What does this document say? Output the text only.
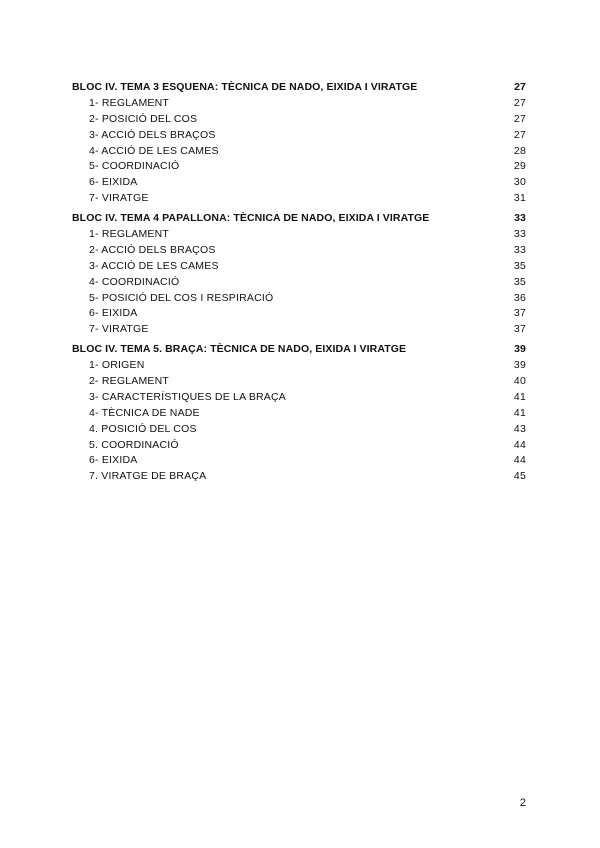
BLOC IV. TEMA 3 ESQUENA: TÈCNICA DE NADO, EIXIDA I VIRATGE	27
1- REGLAMENT	27
2- POSICIÓ DEL COS	27
3- ACCIÓ DELS BRAÇOS	27
4- ACCIÓ DE LES CAMES	28
5- COORDINACIÓ	29
6- EIXIDA	30
7- VIRATGE	31
BLOC IV. TEMA 4 PAPALLONA: TÈCNICA DE NADO, EIXIDA I VIRATGE	33
1- REGLAMENT	33
2- ACCIÓ DELS BRAÇOS	33
3- ACCIÓ DE LES CAMES	35
4- COORDINACIÓ	35
5- POSICIÓ DEL COS I RESPIRACIÓ	36
6- EIXIDA	37
7- VIRATGE	37
BLOC IV. TEMA 5. BRAÇA: TÈCNICA DE NADO, EIXIDA I VIRATGE	39
1- ORIGEN	39
2- REGLAMENT	40
3- CARACTERÍSTIQUES DE LA BRAÇA	41
4- TÈCNICA DE NADE	41
4. POSICIÓ DEL COS	43
5. COORDINACIÓ	44
6- EIXIDA	44
7. VIRATGE DE BRAÇA	45
2
